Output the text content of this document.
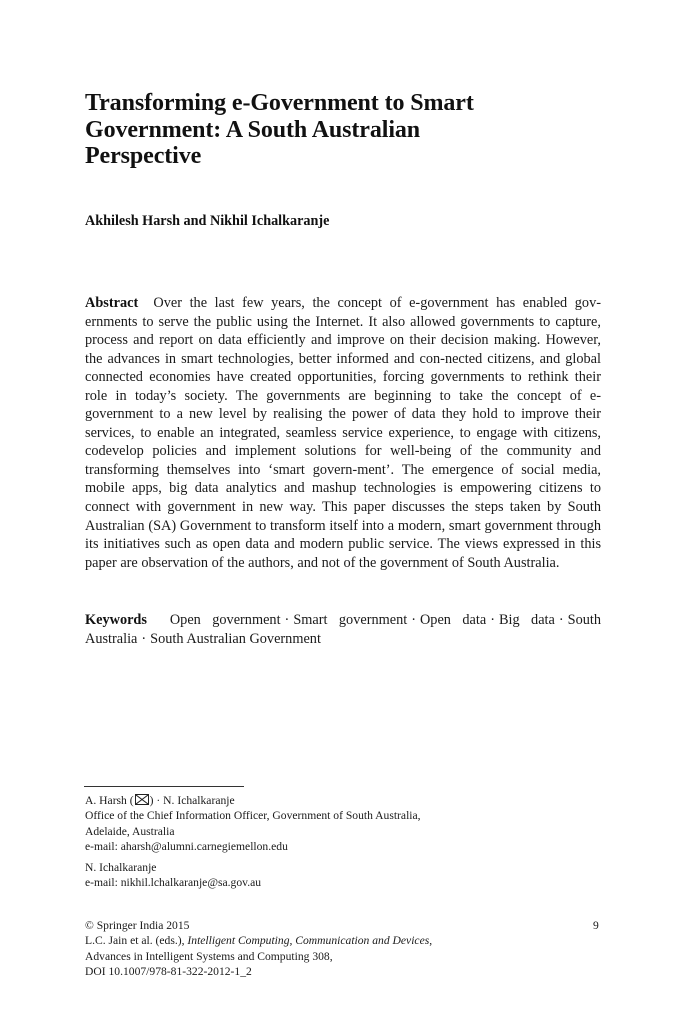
Transforming e-Government to Smart
Government: A South Australian
Perspective
Akhilesh Harsh and Nikhil Ichalkaranje

Abstract Over the last few years, the concept of e-government has enabled gov-ernments to serve the public using the Internet. It also allowed governments to capture, process and report on data efficiently and improve on their decision making. However, the advances in smart technologies, better informed and con-nected citizens, and global connected economies have created opportunities, forcing governments to rethink their role in today’s society. The governments are beginning to take the concept of e-government to a new level by realising the power of data they hold to improve their services, to enable an integrated, seamless service experience, to engage with citizens, codevelop policies and implement solutions for well-being of the community and transforming themselves into ‘smart govern-ment’. The emergence of social media, mobile apps, big data analytics and mashup technologies is empowering citizens to connect with government in new way. This paper discusses the steps taken by South Australian (SA) Government to transform itself into a modern, smart government through its initiatives such as open data and modern public service. The views expressed in this paper are observation of the authors, and not of the government of South Australia.

Keywords Open government · Smart government · Open data · Big data · South Australia · South Australian Government

A. Harsh ( ) · N. Ichalkaranje
Office of the Chief Information Officer, Government of South Australia,
Adelaide, Australia
e-mail: aharsh@alumni.carnegiemellon.edu
N. Ichalkaranje
e-mail: nikhil.lchalkaranje@sa.gov.au
© Springer India 2015
L.C. Jain et al. (eds.), Intelligent Computing, Communication and Devices,
Advances in Intelligent Systems and Computing 308,
DOI 10.1007/978-81-322-2012-1_2
9
